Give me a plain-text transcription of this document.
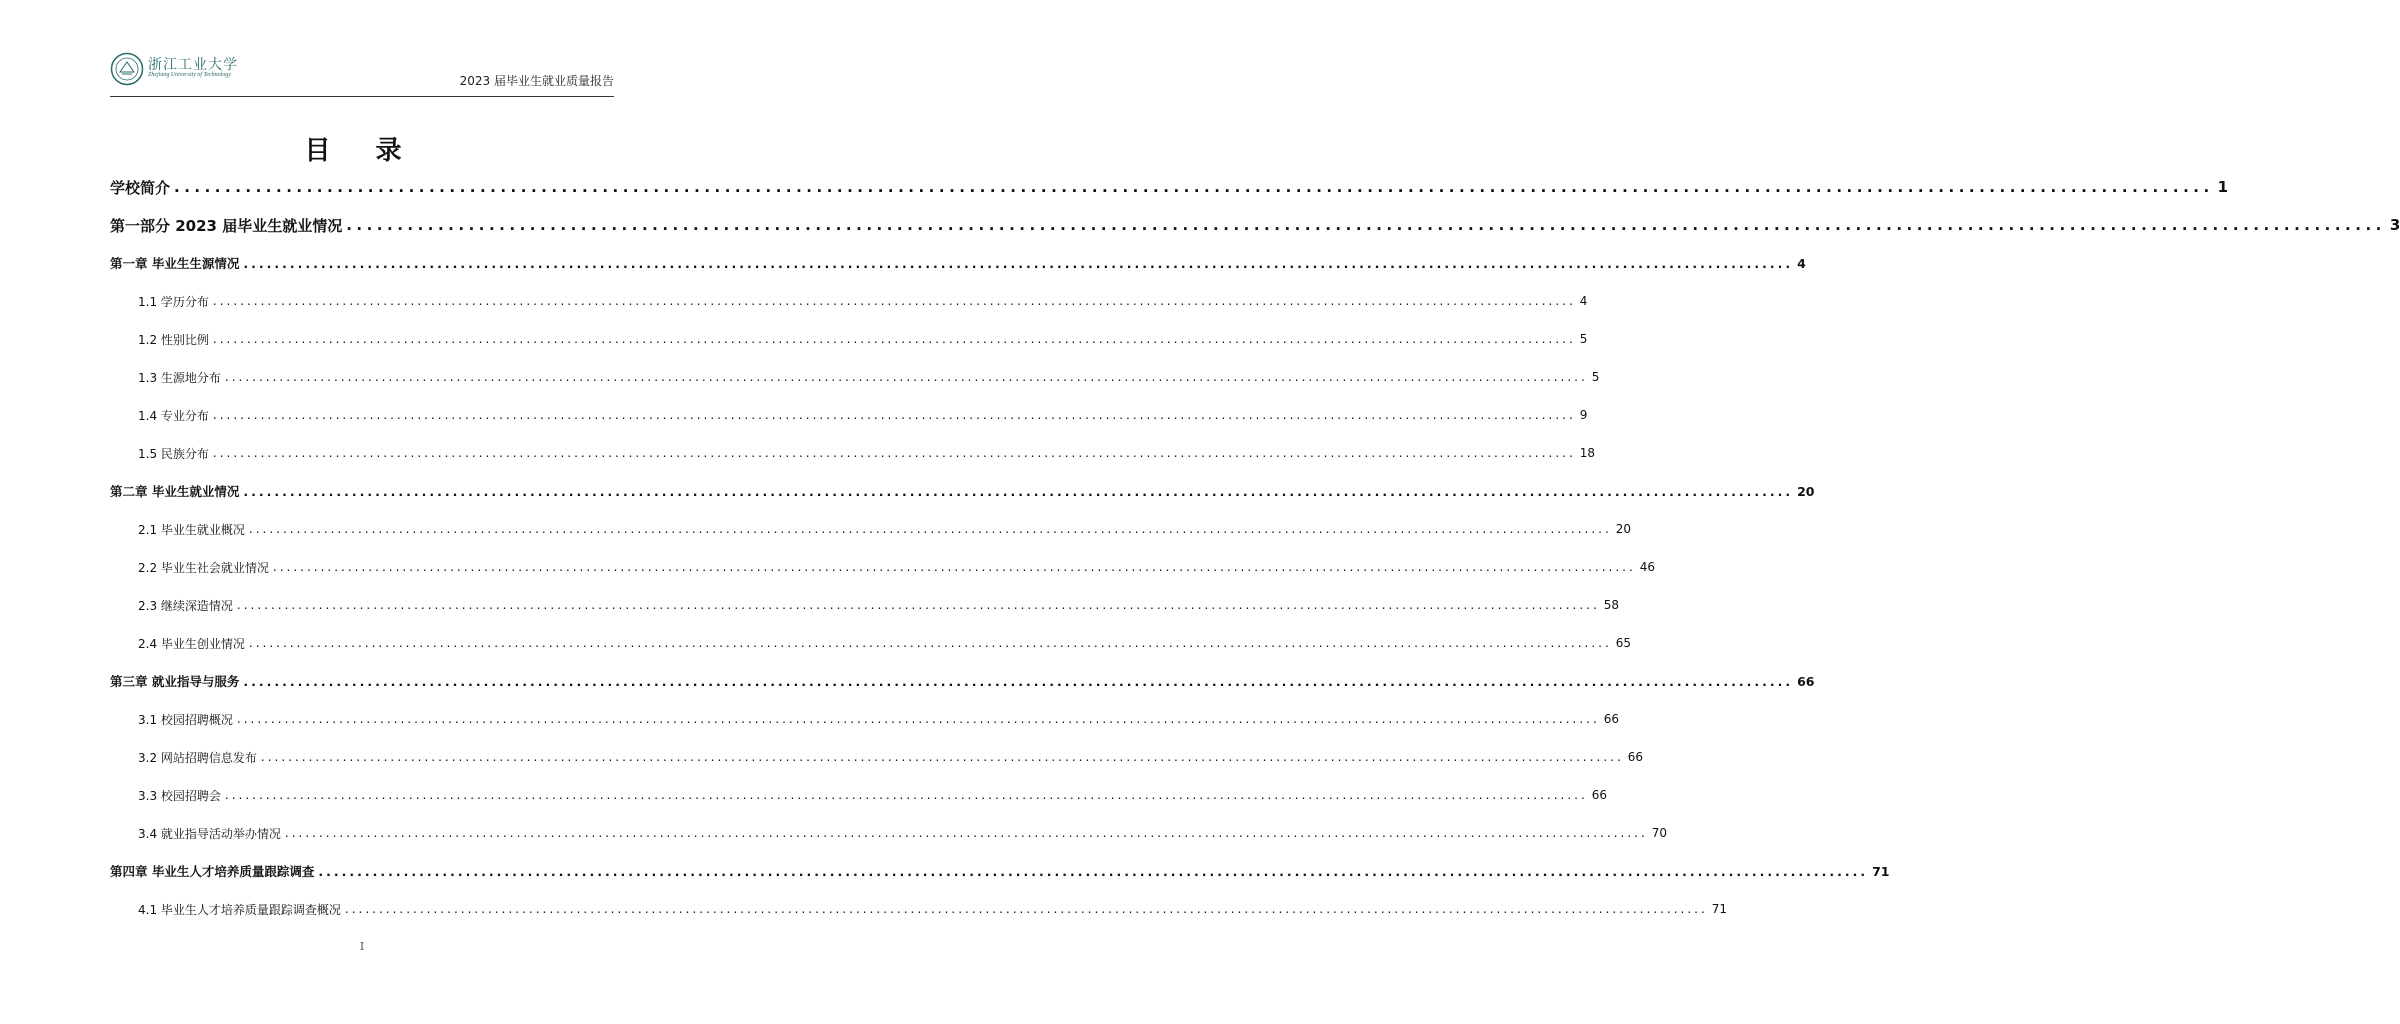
浙江工业大学
Zhejiang University of Technology	2023 届毕业生就业质量报告
目 录
学校简介 ........................................................................................................................................................................................................ 1
第一部分 2023 届毕业生就业情况 ........................................................................................................................................................................................................ 3
第一章 毕业生生源情况 ........................................................................................................................................................................................................ 4
1.1 学历分布 ........................................................................................................................................................................................................ 4
1.2 性别比例 ........................................................................................................................................................................................................ 5
1.3 生源地分布 ........................................................................................................................................................................................................ 5
1.4 专业分布 ........................................................................................................................................................................................................ 9
1.5 民族分布 ........................................................................................................................................................................................................ 18
第二章 毕业生就业情况 ........................................................................................................................................................................................................ 20
2.1 毕业生就业概况 ........................................................................................................................................................................................................ 20
2.2 毕业生社会就业情况 ........................................................................................................................................................................................................ 46
2.3 继续深造情况 ........................................................................................................................................................................................................ 58
2.4 毕业生创业情况 ........................................................................................................................................................................................................ 65
第三章 就业指导与服务 ........................................................................................................................................................................................................ 66
3.1 校园招聘概况 ........................................................................................................................................................................................................ 66
3.2 网站招聘信息发布 ........................................................................................................................................................................................................ 66
3.3 校园招聘会 ........................................................................................................................................................................................................ 66
3.4 就业指导活动举办情况 ........................................................................................................................................................................................................ 70
第四章 毕业生人才培养质量跟踪调查 ........................................................................................................................................................................................................ 71
4.1 毕业生人才培养质量跟踪调查概况 ........................................................................................................................................................................................................ 71
I
